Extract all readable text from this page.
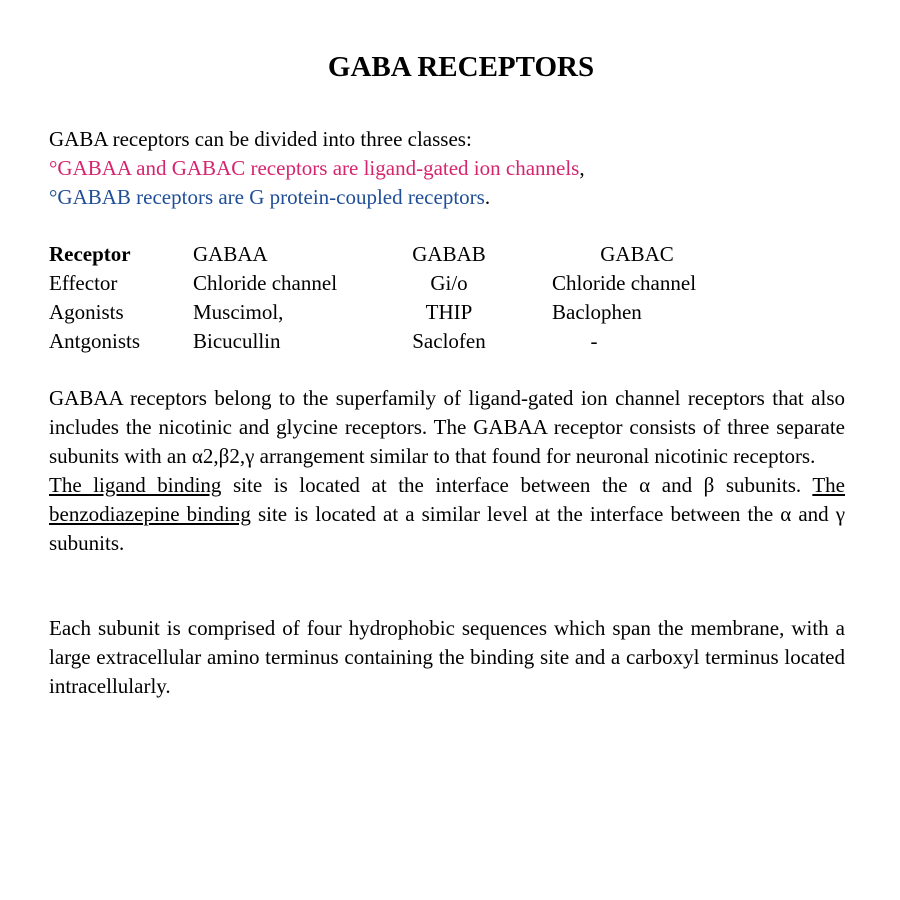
GABA RECEPTORS
GABA receptors can be divided into three classes:
°GABAA and GABAC receptors are ligand-gated ion channels,
°GABAB receptors are G protein-coupled receptors.
Receptor	GABAA	GABAB	GABAC
Effector	Chloride channel	Gi/o	Chloride channel
Agonists	Muscimol,	THIP	Baclophen
Antgonists	Bicucullin	Saclofen	-
GABAA receptors belong to the superfamily of ligand-gated ion channel receptors that also includes the nicotinic and glycine receptors. The GABAA receptor consists of three separate subunits with an α2,β2,γ arrangement similar to that found for neuronal nicotinic receptors.
The ligand binding site is located at the interface between the α and β subunits. The benzodiazepine binding site is located at a similar level at the interface between the α and γ subunits.
Each subunit is comprised of four hydrophobic sequences which span the membrane, with a large extracellular amino terminus containing the binding site and a carboxyl terminus located intracellularly.
